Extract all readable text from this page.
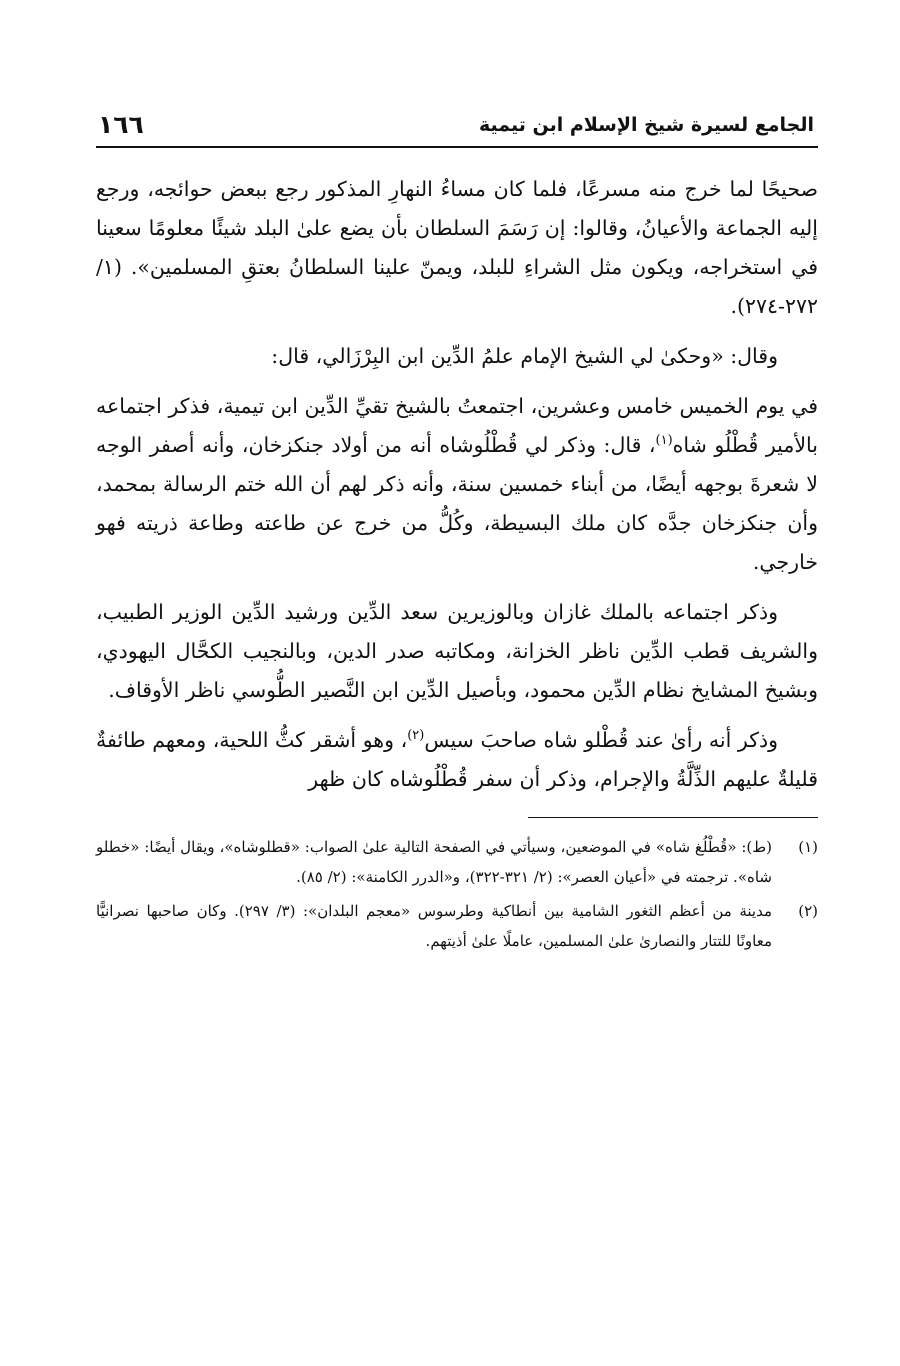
الجامع لسيرة شيخ الإسلام ابن تيمية
١٦٦

صحيحًا لما خرج منه مسرعًا، فلما كان مساءُ النهارِ المذكور رجع ببعض حوائجه، ورجع إليه الجماعة والأعيانُ، وقالوا: إن رَسَمَ السلطان بأن يضع علىٰ البلد شيئًا معلومًا سعينا في استخراجه، ويكون مثل الشراءِ للبلد، ويمنّ علينا السلطانُ بعتقِ المسلمين». (١/ ٢٧٢-٢٧٤).

وقال: «وحكىٰ لي الشيخ الإمام علمُ الدِّين ابن البِرْزَالي، قال:

في يوم الخميس خامس وعشرين، اجتمعتُ بالشيخ تقيِّ الدِّين ابن تيمية، فذكر اجتماعه بالأمير قُطْلُو شاه$^{(١)}$، قال: وذكر لي قُطْلُوشاه أنه من أولاد جنكزخان، وأنه أصفر الوجه لا شعرةَ بوجهه أيضًا، من أبناء خمسين سنة، وأنه ذكر لهم أن الله ختم الرسالة بمحمد، وأن جنكزخان جدَّه كان ملك البسيطة، وكُلُّ من خرج عن طاعته وطاعة ذريته فهو خارجي.

وذكر اجتماعه بالملك غازان وبالوزيرين سعد الدِّين ورشيد الدِّين الوزير الطبيب، والشريف قطب الدِّين ناظر الخزانة، ومكاتبه صدر الدين، وبالنجيب الكحَّال اليهودي، وبشيخ المشايخ نظام الدِّين محمود، وبأصيل الدِّين ابن النَّصير الطُّوسي ناظر الأوقاف.

وذكر أنه رأىٰ عند قُطْلو شاه صاحبَ سيس$^{(٢)}$، وهو أشقر كثُّ اللحية، ومعهم طائفةٌ قليلةٌ عليهم الذِّلَّةُ والإجرام، وذكر أن سفر قُطْلُوشاه كان ظهر

(١)
(ط): «قُطْلُغ شاه» في الموضعين، وسيأتي في الصفحة التالية علىٰ الصواب: «قطلوشاه»، ويقال أيضًا: «خطلو شاه». ترجمته في «أعيان العصر»: (٢/ ٣٢١-٣٢٢)، و«الدرر الكامنة»: (٢/ ٨٥).
(٢)
مدينة من أعظم الثغور الشامية بين أنطاكية وطرسوس «معجم البلدان»: (٣/ ٢٩٧). وكان صاحبها نصرانيًّا معاونًا للتتار والنصارىٰ علىٰ المسلمين، عاملًا علىٰ أذيتهم.
